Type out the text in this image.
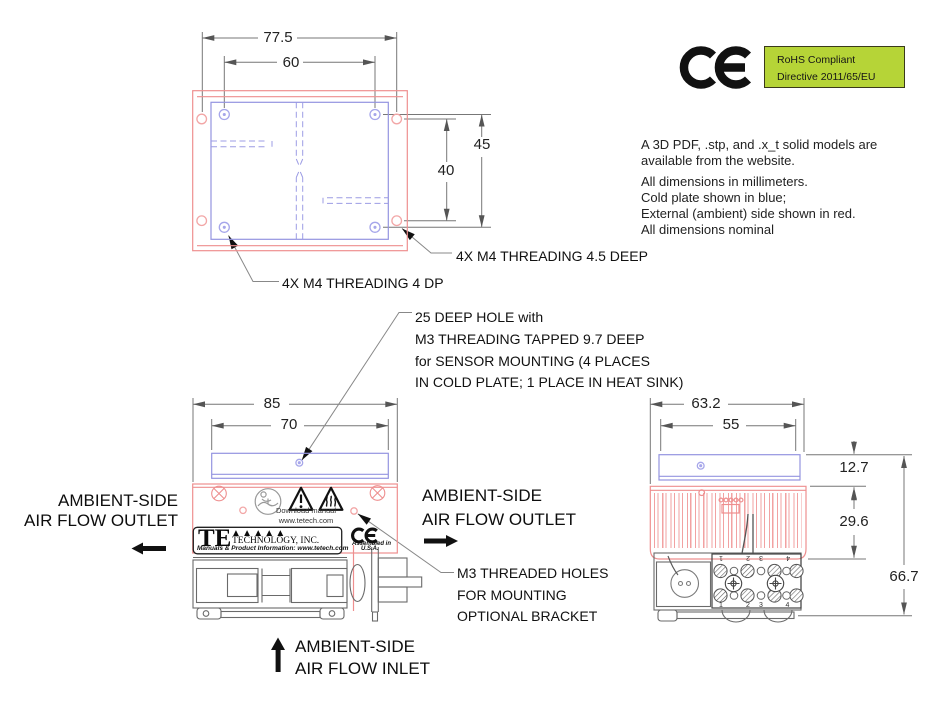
77.5
60
45
40
85
70
63.2
55
12.7
29.6
66.7
4X M4 THREADING 4.5 DEEP
4X M4 THREADING 4 DP
25 DEEP HOLE with
M3 THREADING TAPPED 9.7 DEEP
for SENSOR MOUNTING (4 PLACES
IN COLD PLATE; 1 PLACE IN HEAT SINK)
M3 THREADED HOLES
FOR MOUNTING
OPTIONAL BRACKET
AMBIENT-SIDE
AIR FLOW OUTLET
AMBIENT-SIDE
AIR FLOW OUTLET
AMBIENT-SIDE
AIR FLOW INLET
RoHS Compliant
Directive 2011/65/EU
A 3D PDF, .stp, and .x_t solid models are
available from the website.
All dimensions in millimeters.
Cold plate shown in blue;
External (ambient) side shown in red.
All dimensions nominal
Download manual
www.tetech.com
TE ▲▲▲▲▲
TECHNOLOGY, INC.
Manuals & Product Information: www.tetech.com
Assembled in
U.S.A.
1	2	3	4
1	2	3	4
